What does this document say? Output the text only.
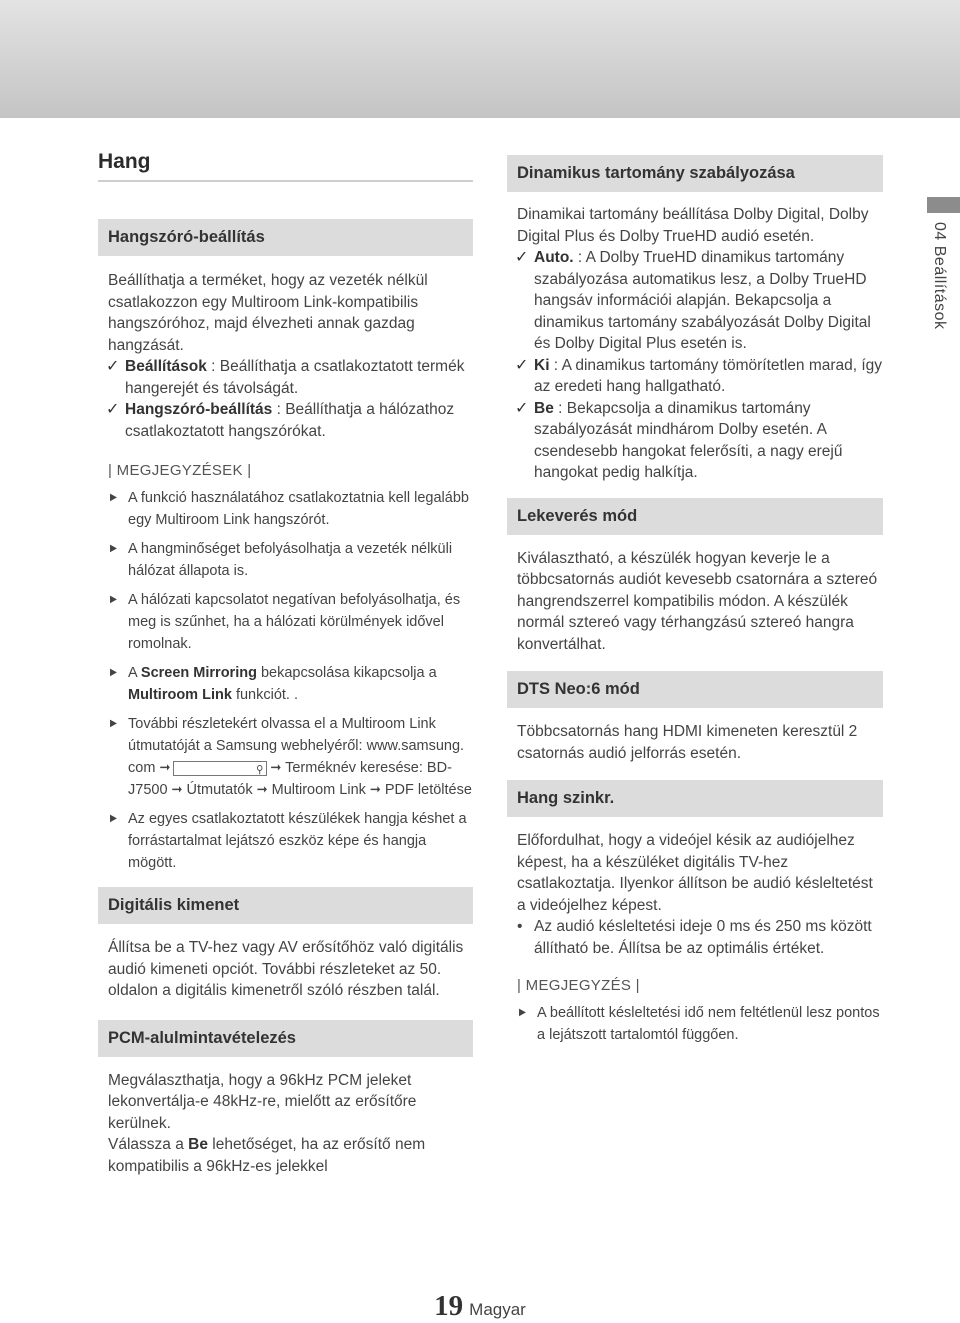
Hang
Hangszóró-beállítás

Beállíthatja a terméket, hogy az vezeték nélkül csatlakozzon egy Multiroom Link-kompatibilis hangszóróhoz, majd élvezheti annak gazdag hangzását.

✓ Beállítások : Beállíthatja a csatlakoztatott termék hangerejét és távolságát.
✓ Hangszóró-beállítás : Beállíthatja a hálózathoz csatlakoztatott hangszórókat.
| MEGJEGYZÉSEK |
▶ A funkció használatához csatlakoztatnia kell legalább egy Multiroom Link hangszórót.
▶ A hangminőséget befolyásolhatja a vezeték nélküli hálózat állapota is.
▶ A hálózati kapcsolatot negatívan befolyásolhatja, és meg is szűnhet, ha a hálózati körülmények idővel romolnak.
▶ A Screen Mirroring bekapcsolása kikapcsolja a Multiroom Link funkciót. .
▶ További részletekért olvassa el a Multiroom Link útmutatóját a Samsung webhelyéről: www.samsung. com ➞	⚲ ➞ Terméknév keresése: BD-J7500 ➞ Útmutatók ➞ Multiroom Link ➞ PDF letöltése
▶ Az egyes csatlakoztatott készülékek hangja késhet a forrástartalmat lejátszó eszköz képe és hangja mögött.
Digitális kimenet

Állítsa be a TV-hez vagy AV erősítőhöz való digitális audió kimeneti opciót. További részleteket az 50. oldalon a digitális kimenetről szóló részben talál.

PCM-alulmintavételezés

Megválaszthatja, hogy a 96kHz PCM jeleket lekonvertálja-e 48kHz-re, mielőtt az erősítőre kerülnek.

Válassza a Be lehetőséget, ha az erősítő nem kompatibilis a 96kHz-es jelekkel

Dinamikus tartomány szabályozása

Dinamikai tartomány beállítása Dolby Digital, Dolby Digital Plus és Dolby TrueHD audió esetén.

✓ Auto. : A Dolby TrueHD dinamikus tartomány szabályozása automatikus lesz, a Dolby TrueHD hangsáv információi alapján. Bekapcsolja a dinamikus tartomány szabályozását Dolby Digital és Dolby Digital Plus esetén is.
✓ Ki : A dinamikus tartomány tömörítetlen marad, így az eredeti hang hallgatható.
✓ Be : Bekapcsolja a dinamikus tartomány szabályozását mindhárom Dolby esetén. A csendesebb hangokat felerősíti, a nagy erejű hangokat pedig halkítja.
Lekeverés mód

Kiválasztható, a készülék hogyan keverje le a többcsatornás audiót kevesebb csatornára a sztereó hangrendszerrel kompatibilis módon. A készülék normál sztereó vagy térhangzású sztereó hangra konvertálhat.

DTS Neo:6 mód

Többcsatornás hang HDMI kimeneten keresztül 2 csatornás audió jelforrás esetén.

Hang szinkr.

Előfordulhat, hogy a videójel késik az audiójelhez képest, ha a készüléket digitális TV-hez csatlakoztatja. Ilyenkor állítson be audió késleltetést a videójelhez képest.

• Az audió késleltetési ideje 0 ms és 250 ms között állítható be. Állítsa be az optimális értéket.
| MEGJEGYZÉS |
▶ A beállított késleltetési idő nem feltétlenül lesz pontos a lejátszott tartalomtól függően.
04 Beállítások
19 Magyar
